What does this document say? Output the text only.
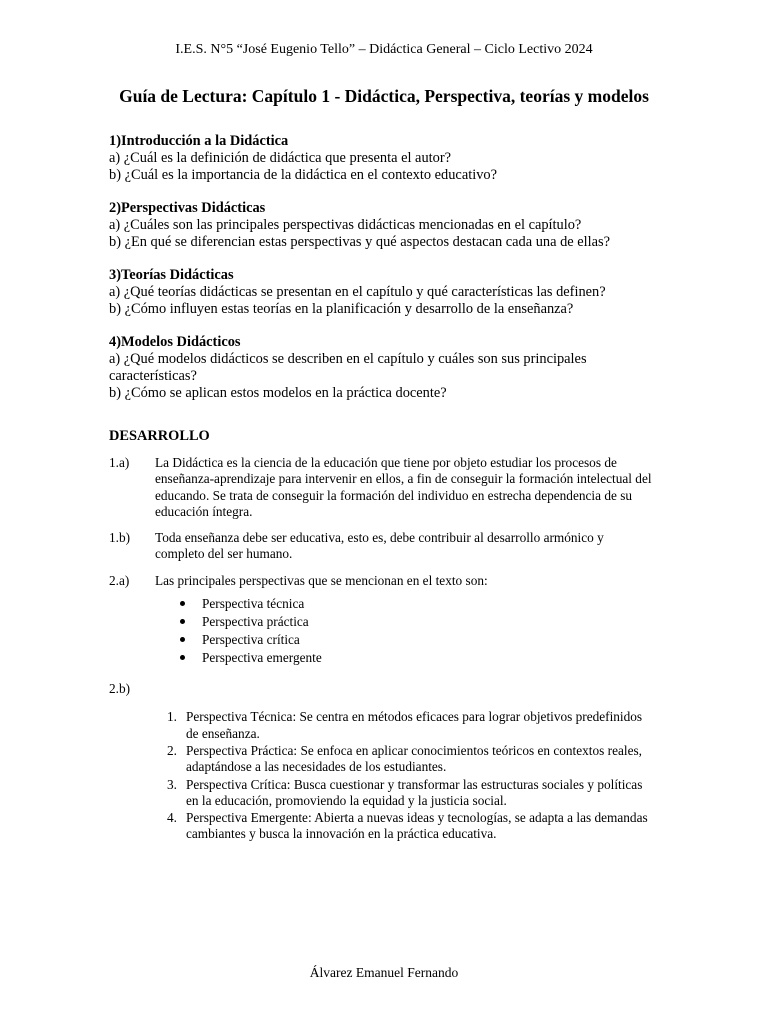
I.E.S. N°5 “José Eugenio Tello” – Didáctica General – Ciclo Lectivo 2024
Guía de Lectura: Capítulo 1 - Didáctica, Perspectiva, teorías y modelos
1)Introducción a la Didáctica

a) ¿Cuál es la definición de didáctica que presenta el autor?

b) ¿Cuál es la importancia de la didáctica en el contexto educativo?

2)Perspectivas Didácticas

a) ¿Cuáles son las principales perspectivas didácticas mencionadas en el capítulo?

b) ¿En qué se diferencian estas perspectivas y qué aspectos destacan cada una de ellas?

3)Teorías Didácticas

a) ¿Qué teorías didácticas se presentan en el capítulo y qué características las definen?

b) ¿Cómo influyen estas teorías en la planificación y desarrollo de la enseñanza?

4)Modelos Didácticos

a) ¿Qué modelos didácticos se describen en el capítulo y cuáles son sus principales características?

b) ¿Cómo se aplican estos modelos en la práctica docente?

DESARROLLO
1.a)	La Didáctica es la ciencia de la educación que tiene por objeto estudiar los procesos de enseñanza-aprendizaje para intervenir en ellos, a fin de conseguir la formación intelectual del educando. Se trata de conseguir la formación del individuo en estrecha dependencia de su educación íntegra.
1.b)	Toda enseñanza debe ser educativa, esto es, debe contribuir al desarrollo armónico y completo del ser humano.
2.a)	Las principales perspectivas que se mencionan en el texto son:
Perspectiva técnica
Perspectiva práctica
Perspectiva crítica
Perspectiva emergente
2.b)
1. Perspectiva Técnica: Se centra en métodos eficaces para lograr objetivos predefinidos de enseñanza.
2. Perspectiva Práctica: Se enfoca en aplicar conocimientos teóricos en contextos reales, adaptándose a las necesidades de los estudiantes.
3. Perspectiva Crítica: Busca cuestionar y transformar las estructuras sociales y políticas en la educación, promoviendo la equidad y la justicia social.
4. Perspectiva Emergente: Abierta a nuevas ideas y tecnologías, se adapta a las demandas cambiantes y busca la innovación en la práctica educativa.
Álvarez Emanuel Fernando
